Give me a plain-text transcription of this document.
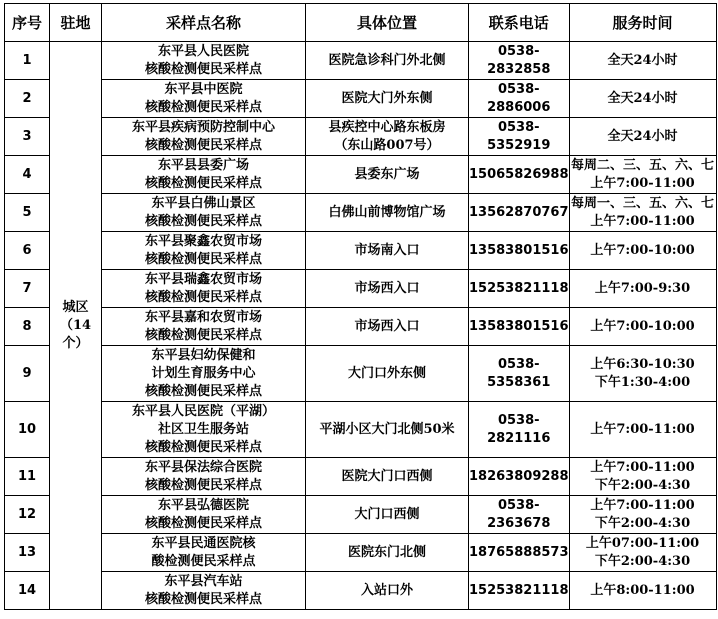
序号	驻地	采样点名称	具体位置	联系电话	服务时间
1	城区
（14
个）	东平县人民医院
核酸检测便民采样点	医院急诊科门外北侧	0538-2832858	全天24小时

2		东平县中医院
核酸检测便民采样点	医院大门外东侧	0538-2886006	全天24小时

3		东平县疾病预防控制中心
核酸检测便民采样点	县疾控中心路东板房
（东山路007号）	0538-5352919	全天24小时

4		东平县县委广场
核酸检测便民采样点	县委东广场	15065826988	每周二、三、五、六、七
上午7:00-11:00

5		东平县白佛山景区
核酸检测便民采样点	白佛山前博物馆广场	13562870767	每周一、三、五、六、七
上午7:00-11:00

6		东平县聚鑫农贸市场
核酸检测便民采样点	市场南入口	13583801516	上午7:00-10:00

7		东平县瑞鑫农贸市场
核酸检测便民采样点	市场西入口	15253821118	上午7:00-9:30

8		东平县嘉和农贸市场
核酸检测便民采样点	市场西入口	13583801516	上午7:00-10:00

9		东平县妇幼保健和
计划生育服务中心
核酸检测便民采样点	大门口外东侧	0538-5358361	上午6:30-10:30
下午1:30-4:00

10		东平县人民医院（平湖）
社区卫生服务站
核酸检测便民采样点	平湖小区大门北侧50米	0538-2821116	上午7:00-11:00

11		东平县保法综合医院
核酸检测便民采样点	医院大门口西侧	18263809288	上午7:00-11:00
下午2:00-4:30

12		东平县弘德医院
核酸检测便民采样点	大门口西侧	0538-2363678	上午7:00-11:00
下午2:00-4:30

13		东平县民通医院核
酸检测便民采样点	医院东门北侧	18765888573	上午07:00-11:00
下午2:00-4:30

14		东平县汽车站
核酸检测便民采样点	入站口外	15253821118	上午8:00-11:00
